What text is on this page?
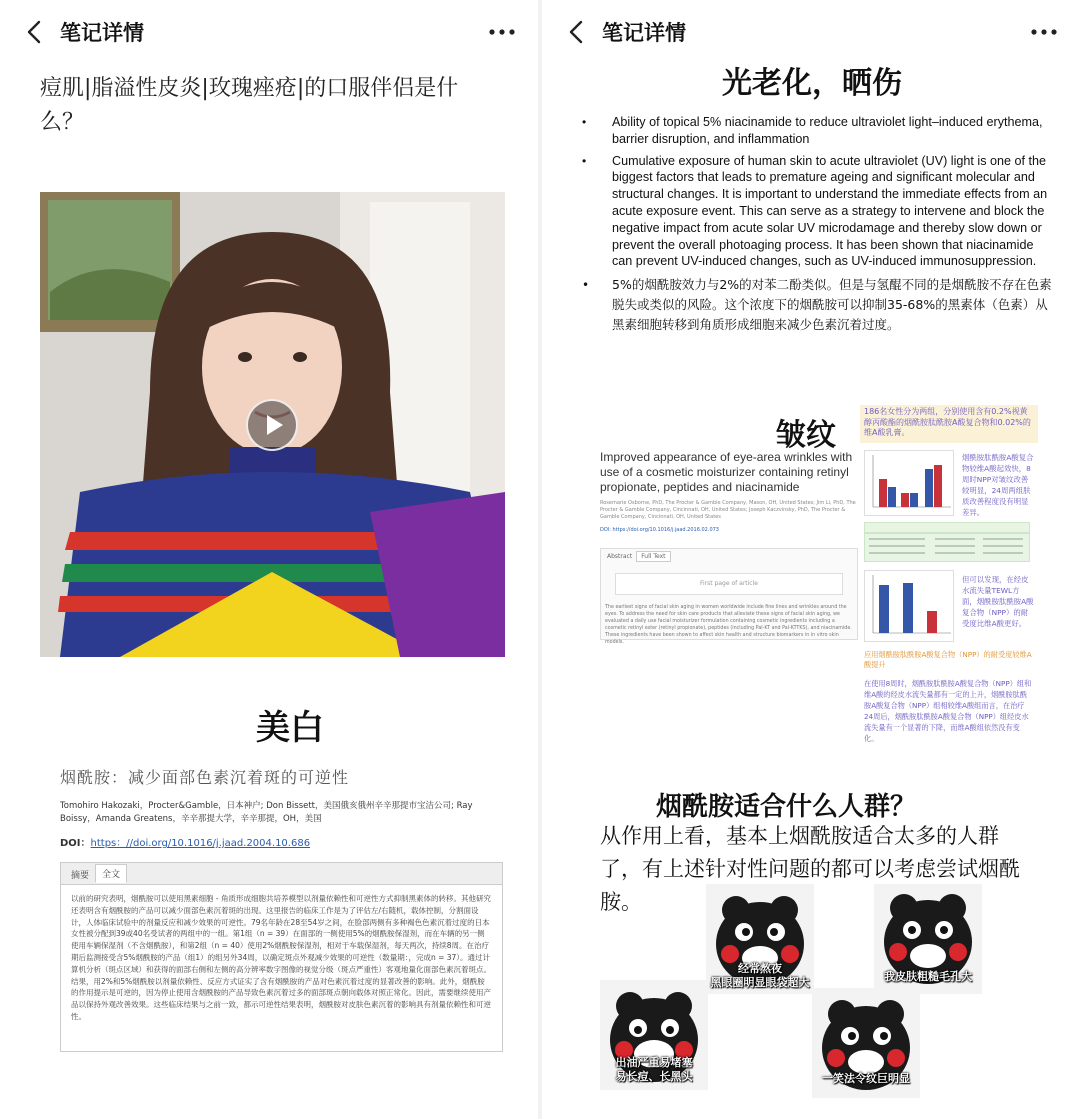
笔记详情
痘肌|脂溢性皮炎|玫瑰痤疮|的口服伴侣是什么？
美白
烟酰胺：减少面部色素沉着斑的可逆性
Tomohiro Hakozaki，Procter&Gamble，日本神户; Don Bissett，美国俄亥俄州辛辛那提市宝洁公司; Ray Boissy，Amanda Greatens，辛辛那提大学，辛辛那提，OH，美国
DOI：https：//doi.org/10.1016/j.jaad.2004.10.686
摘要	全文
以前的研究表明，烟酰胺可以使用黑素细胞 - 角质形成细胞共培养模型以剂量依赖性和可逆性方式抑制黑素体的转移。其他研究还表明含有烟酰胺的产品可以减少面部色素沉着斑的出现。这里报告的临床工作是为了评估左/右随机，载体控制，分割面设计，人体临床试验中的剂量反应和减少效果的可逆性。79名年龄在28至54岁之间，在脸部两侧有多种褐色色素沉着过度的日本女性被分配到39或40名受试者的两组中的一组。第1组（n = 39）在面部的一侧使用5%的烟酰胺保湿剂，而在车辆的另一侧使用车辆保湿剂（不含烟酰胺），和第2组（n = 40）使用2%烟酰胺保湿剂，相对于车载保湿剂，每天两次，持续8周。在治疗期后监测接受含5%烟酰胺的产品（组1）的组另外34周，以确定斑点外观减少效果的可逆性（数量期：，完成n = 37）。通过计算机分析（斑点区域）和获得的面部右侧和左侧的高分辨率数字图像的视觉分级（斑点严重性）客观地量化面部色素沉着斑点。结果，用2%和5%烟酰胺以剂量依赖性、反应方式证实了含有烟酰胺的产品对色素沉着过度的显著改善的影响。此外，烟酰胺的作用提示是可逆的，因为停止使用含烟酰胺的产品导致色素沉着过多的面部斑点朝向载体对照正常化。因此，需要继续使用产品以保持外观改善效果。这些临床结果与之前一致，都示可逆性结果表明，烟酰胺对皮肤色素沉着的影响具有剂量依赖性和可逆性。
笔记详情
光老化，晒伤
• Ability of topical 5% niacinamide to reduce ultraviolet light–induced erythema, barrier disruption, and inflammation
• Cumulative exposure of human skin to acute ultraviolet (UV) light is one of the biggest factors that leads to premature ageing and significant molecular and structural changes. It is important to understand the immediate effects from an acute exposure event. This can serve as a strategy to intervene and block the negative impact from acute solar UV microdamage and thereby slow down or prevent the overall photoaging process. It has been shown that niacinamide can prevent UV-induced changes, such as UV-induced immunosuppression.
• 5%的烟酰胺效力与2%的对苯二酚类似。但是与氢醌不同的是烟酰胺不存在色素脱失或类似的风险。这个浓度下的烟酰胺可以抑制35-68%的黑素体（色素）从黑素细胞转移到角质形成细胞来减少色素沉着过度。
皱纹
Improved appearance of eye-area wrinkles with use of a cosmetic moisturizer containing retinyl propionate, peptides and niacinamide
Rosemarie Osborne, PhD, The Procter & Gamble Company, Mason, OH, United States; Jim Li, PhD, The Procter & Gamble Company, Cincinnati, OH, United States; Joseph Kaczvinsky, PhD, The Procter & Gamble Company, Cincinnati, OH, United States
DOI: https://doi.org/10.1016/j.jaad.2016.02.073
Abstract Full Text
First page of article
The earliest signs of facial skin aging in women worldwide include fine lines and wrinkles around the eyes. To address the need for skin care products that alleviate these signs of facial skin aging, we evaluated a daily use facial moisturizer formulation containing cosmetic ingredients including a cosmetic retinyl ester (retinyl propionate), peptides (including Pal-KT and Pal-KTTKS), and niacinamide. These ingredients have been shown to affect skin health and structure biomarkers in in vitro skin models.
186名女性分为两组，分别使用含有0.2%视黄醇丙酸酯的烟酰胺肽酰胺A酸复合物和0.02%的维A酸乳膏。
烟酰胺肽酰胺A酸复合物较维A酸起效快，8周时NPP对皱纹改善较明显，24周两组肤质改善程度没有明显差异。
但可以发现，在经皮水流失量TEWL方面，烟酰胺肽酰胺A酸复合物（NPP）的耐受度比维A酸更好。
应用烟酰胺肽酰胺A酸复合物（NPP）的耐受度较维A酸提升
在使用8周时，烟酰胺肽酰胺A酸复合物（NPP）组和维A酸的经皮水流失量都有一定的上升，烟酰胺肽酰胺A酸复合物（NPP）组相较维A酸组而言，在治疗24周后，烟酰胺肽酰胺A酸复合物（NPP）组经皮水流失量有一个显著的下降，而维A酸组依然没有变化。
烟酰胺适合什么人群？
从作用上看，基本上烟酰胺适合太多的人群了，有上述针对性问题的都可以考虑尝试烟酰胺。
经常熬夜
黑眼圈明显眼袋超大	我皮肤粗糙毛孔大
出油严重易堵塞
易长痘、长黑头	一笑法令纹巨明显
